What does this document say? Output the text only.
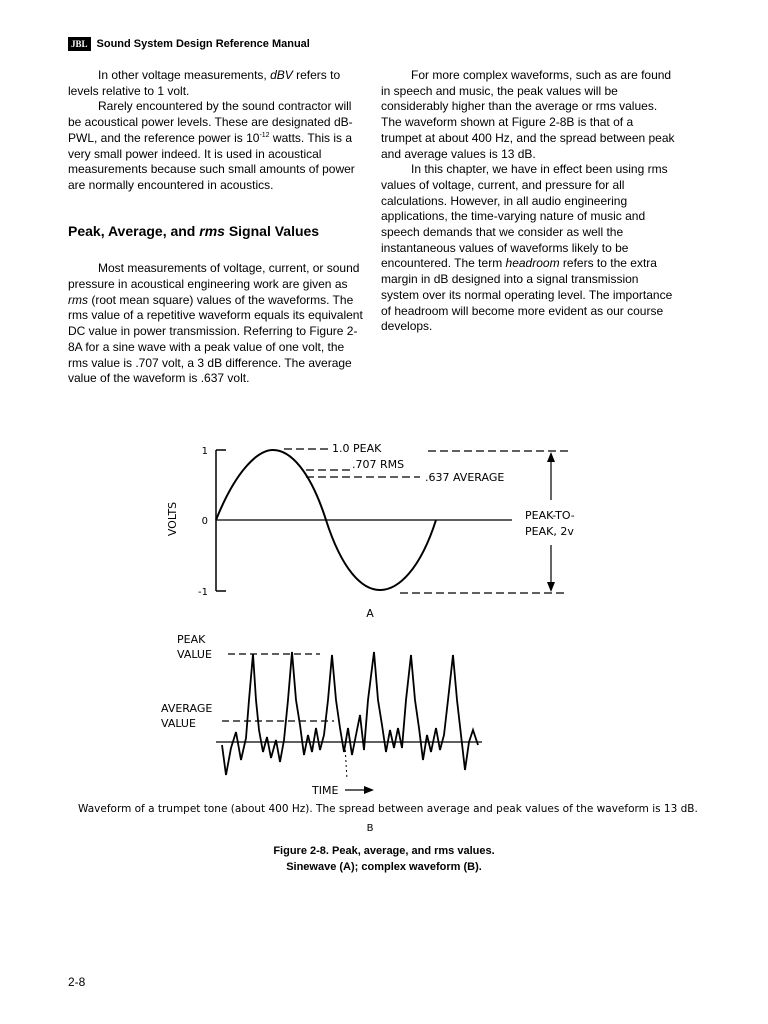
JBL Sound System Design Reference Manual

In other voltage measurements, dBV refers to levels relative to 1 volt.

Rarely encountered by the sound contractor will be acoustical power levels. These are designated dB-PWL, and the reference power is $10^{-12}$ watts. This is a very small power indeed. It is used in acoustical measurements because such small amounts of power are normally encountered in acoustics.

Peak, Average, and rms Signal Values

Most measurements of voltage, current, or sound pressure in acoustical engineering work are given as rms (root mean square) values of the waveforms. The rms value of a repetitive waveform equals its equivalent DC value in power transmission. Referring to Figure 2-8A for a sine wave with a peak value of one volt, the rms value is .707 volt, a 3 dB difference. The average value of the waveform is .637 volt.

For more complex waveforms, such as are found in speech and music, the peak values will be considerably higher than the average or rms values. The waveform shown at Figure 2-8B is that of a trumpet at about 400 Hz, and the spread between peak and average values is 13 dB.

In this chapter, we have in effect been using rms values of voltage, current, and pressure for all calculations. However, in all audio engineering applications, the time-varying nature of music and speech demands that we consider as well the instantaneous values of waveforms likely to be encountered. The term headroom refers to the extra margin in dB designed into a signal transmission system over its normal operating level. The importance of headroom will become more evident as our course develops.

VOLTS
1
0
-1
1.0 PEAK
.707 RMS
.637 AVERAGE
PEAK-TO-
PEAK, 2v
A
PEAK
VALUE
AVERAGE
VALUE
TIME
B
Waveform of a trumpet tone (about 400 Hz). The spread between average and peak values of the waveform is 13 dB.
Figure 2-8. Peak, average, and rms values.
Sinewave (A); complex waveform (B).
2-8
